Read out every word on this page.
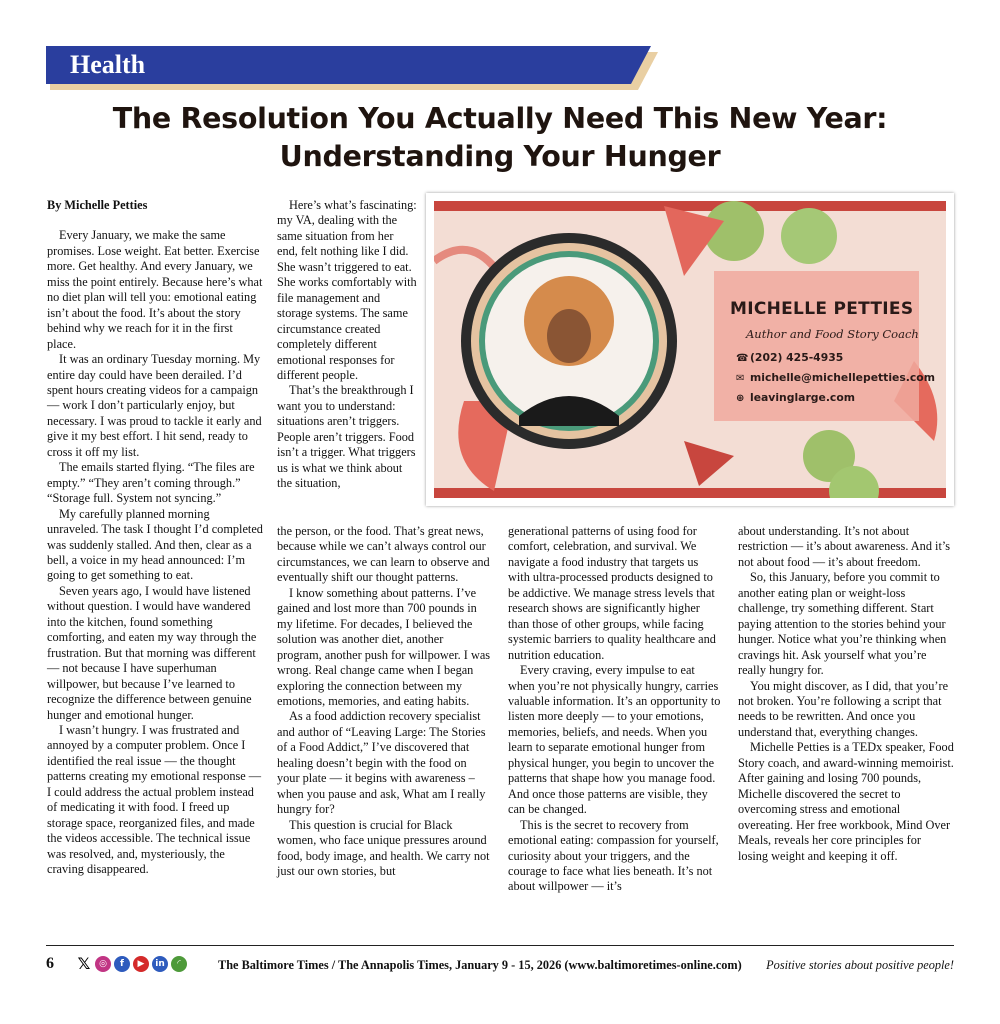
Health
The Resolution You Actually Need This New Year:
Understanding Your Hunger

By Michelle Petties

Every January, we make the same promises. Lose weight. Eat better. Exercise more. Get healthy. And every January, we miss the point entirely. Because here’s what no diet plan will tell you: emotional eating isn’t about the food. It’s about the story behind why we reach for it in the first place.

It was an ordinary Tuesday morning. My entire day could have been derailed. I’d spent hours creating videos for a campaign — work I don’t particularly enjoy, but necessary. I was proud to tackle it early and give it my best effort. I hit send, ready to cross it off my list.

The emails started flying. “The files are empty.” “They aren’t coming through.” “Storage full. System not syncing.”

My carefully planned morning unraveled. The task I thought I’d completed was suddenly stalled. And then, clear as a bell, a voice in my head announced: I’m going to get something to eat.

Seven years ago, I would have listened without question. I would have wandered into the kitchen, found something comforting, and eaten my way through the frustration. But that morning was different — not because I have superhuman willpower, but because I’ve learned to recognize the difference between genuine hunger and emotional hunger.

I wasn’t hungry. I was frustrated and annoyed by a computer problem. Once I identified the real issue — the thought patterns creating my emotional response — I could address the actual problem instead of medicating it with food. I freed up storage space, reorganized files, and made the videos accessible. The technical issue was resolved, and, mysteriously, the craving disappeared.

Here’s what’s fascinating: my VA, dealing with the same situation from her end, felt nothing like I did. She wasn’t triggered to eat. She works comfortably with file management and storage systems. The same circumstance created completely different emotional responses for different people.

That’s the breakthrough I want you to understand: situations aren’t triggers. People aren’t triggers. Food isn’t a trigger. What triggers us is what we think about the situation,

the person, or the food. That’s great news, because while we can’t always control our circumstances, we can learn to observe and eventually shift our thought patterns.

I know something about patterns. I’ve gained and lost more than 700 pounds in my lifetime. For decades, I believed the solution was another diet, another program, another push for willpower. I was wrong. Real change came when I began exploring the connection between my emotions, memories, and eating habits.

As a food addiction recovery specialist and author of “Leaving Large: The Stories of a Food Addict,” I’ve discovered that healing doesn’t begin with the food on your plate — it begins with awareness – when you pause and ask, What am I really hungry for?

This question is crucial for Black women, who face unique pressures around food, body image, and health. We carry not just our own stories, but

generational patterns of using food for comfort, celebration, and survival. We navigate a food industry that targets us with ultra-processed products designed to be addictive. We manage stress levels that research shows are significantly higher than those of other groups, while facing systemic barriers to quality healthcare and nutrition education.

Every craving, every impulse to eat when you’re not physically hungry, carries valuable information. It’s an opportunity to listen more deeply — to your emotions, memories, beliefs, and needs. When you learn to separate emotional hunger from physical hunger, you begin to uncover the patterns that shape how you manage food. And once those patterns are visible, they can be changed.

This is the secret to recovery from emotional eating: compassion for yourself, curiosity about your triggers, and the courage to face what lies beneath. It’s not about willpower — it’s

about understanding. It’s not about restriction — it’s about awareness. And it’s not about food — it’s about freedom.

So, this January, before you commit to another eating plan or weight-loss challenge, try something different. Start paying attention to the stories behind your hunger. Notice what you’re thinking when cravings hit. Ask yourself what you’re really hungry for.

You might discover, as I did, that you’re not broken. You’re following a script that needs to be rewritten. And once you understand that, everything changes.

Michelle Petties is a TEDx speaker, Food Story coach, and award-winning memoirist. After gaining and losing 700 pounds, Michelle discovered the secret to overcoming stress and emotional overeating. Her free workbook, Mind Over Meals, reveals her core principles for losing weight and keeping it off.

MICHELLE PETTIES
Author and Food Story Coach
☎ (202) 425-4935
✉ michelle@michellepetties.com
⊕ leavinglarge.com
6 𝕏 ◎	f	▶	in	◜	The Baltimore Times / The Annapolis Times, January 9 - 15, 2026 (www.baltimoretimes-online.com) Positive stories about positive people!
